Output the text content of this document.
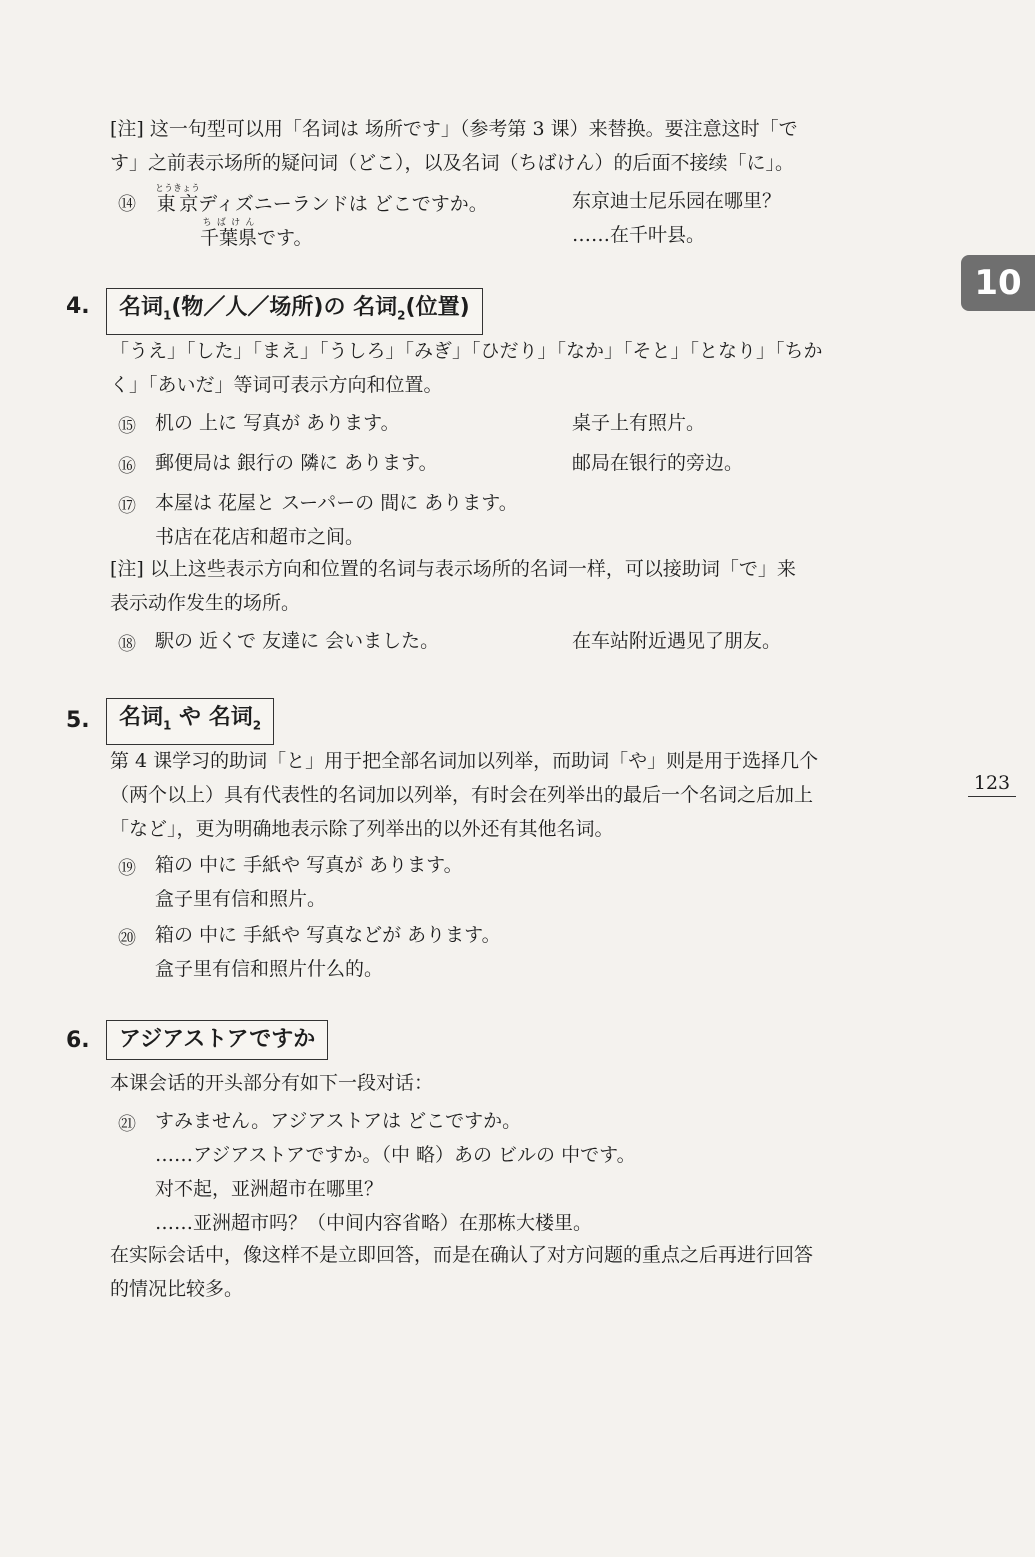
10
123
[注] 这一句型可以用「名词は 场所です」（参考第 3 课）来替换。要注意这时「で
す」之前表示场所的疑问词（どこ），以及名词（ちばけん）的后面不接续「に」。
⑭ 東京とうきょうディズニーランドは どこですか。	东京迪士尼乐园在哪里？
千葉県ちばけんです。	……在千叶县。
4.	名词$_1$(物／人／场所)の 名词$_2$(位置)
「うえ」「した」「まえ」「うしろ」「みぎ」「ひだり」「なか」「そと」「となり」「ちか
く」「あいだ」等词可表示方向和位置。
⑮ 机の 上に 写真が あります。	桌子上有照片。
⑯ 郵便局は 銀行の 隣に あります。	邮局在银行的旁边。
⑰ 本屋は 花屋と スーパーの 間に あります。
书店在花店和超市之间。
[注] 以上这些表示方向和位置的名词与表示场所的名词一样，可以接助词「で」来
表示动作发生的场所。
⑱ 駅の 近くで 友達に 会いました。	在车站附近遇见了朋友。
5.	名词$_1$ や 名词$_2$
第 4 课学习的助词「と」用于把全部名词加以列举，而助词「や」则是用于选择几个
（两个以上）具有代表性的名词加以列举，有时会在列举出的最后一个名词之后加上
「など」，更为明确地表示除了列举出的以外还有其他名词。
⑲ 箱の 中に 手紙や 写真が あります。
盒子里有信和照片。
⑳ 箱の 中に 手紙や 写真などが あります。
盒子里有信和照片什么的。
6.	アジアストアですか
本课会话的开头部分有如下一段对话：
㉑ すみません。アジアストアは どこですか。
……アジアストアですか。（中 略）あの ビルの 中です。
对不起，亚洲超市在哪里？
……亚洲超市吗？（中间内容省略）在那栋大楼里。
在实际会话中，像这样不是立即回答，而是在确认了对方问题的重点之后再进行回答
的情况比较多。
